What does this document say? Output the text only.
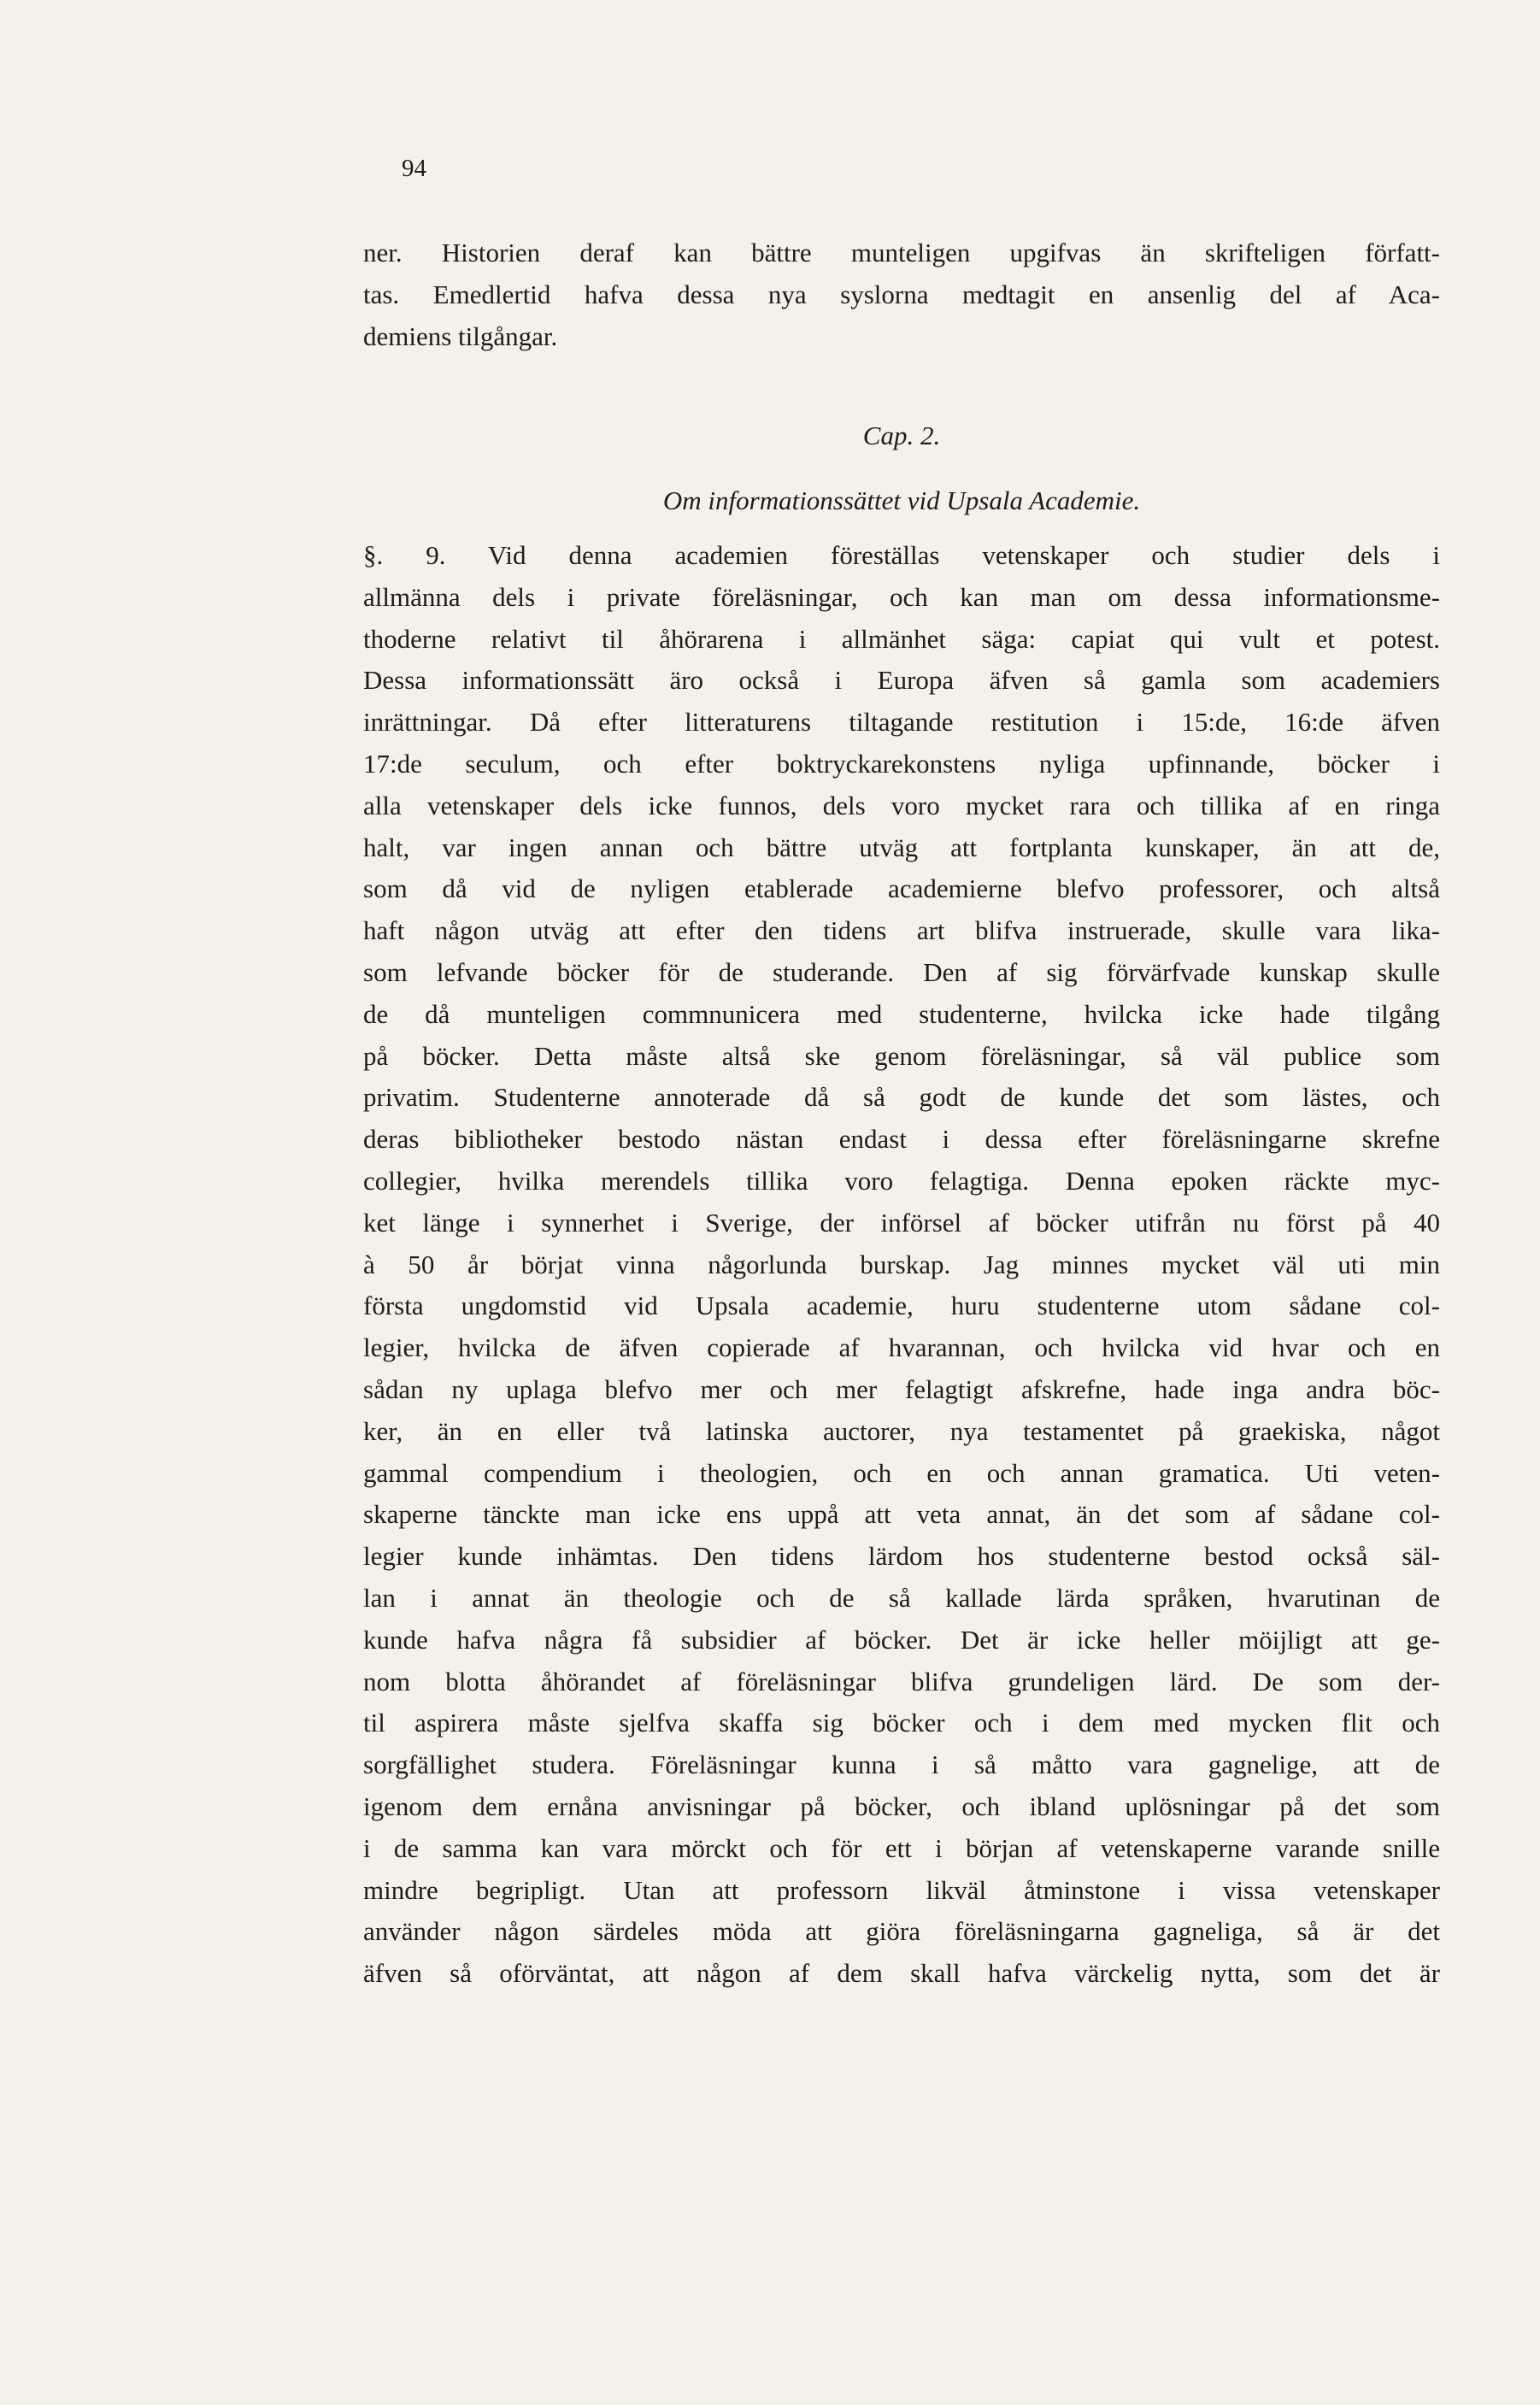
94
ner. Historien deraf kan bättre munteligen upgifvas än skrifteligen författ-
tas. Emedlertid hafva dessa nya syslorna medtagit en ansenlig del af Aca-
demiens tilgångar.
Cap. 2.
Om informationssättet vid Upsala Academie.
§. 9. Vid denna academien föreställas vetenskaper och studier dels i
allmänna dels i private föreläsningar, och kan man om dessa informationsme-
thoderne relativt til åhörarena i allmänhet säga: capiat qui vult et potest.
Dessa informationssätt äro också i Europa äfven så gamla som academiers
inrättningar. Då efter litteraturens tiltagande restitution i 15:de, 16:de äfven
17:de seculum, och efter boktryckarekonstens nyliga upfinnande, böcker i
alla vetenskaper dels icke funnos, dels voro mycket rara och tillika af en ringa
halt, var ingen annan och bättre utväg att fortplanta kunskaper, än att de,
som då vid de nyligen etablerade academierne blefvo professorer, och altså
haft någon utväg att efter den tidens art blifva instruerade, skulle vara lika-
som lefvande böcker för de studerande. Den af sig förvärfvade kunskap skulle
de då munteligen commnunicera med studenterne, hvilcka icke hade tilgång
på böcker. Detta måste altså ske genom föreläsningar, så väl publice som
privatim. Studenterne annoterade då så godt de kunde det som lästes, och
deras bibliotheker bestodo nästan endast i dessa efter föreläsningarne skrefne
collegier, hvilka merendels tillika voro felagtiga. Denna epoken räckte myc-
ket länge i synnerhet i Sverige, der införsel af böcker utifrån nu först på 40
à 50 år börjat vinna någorlunda burskap. Jag minnes mycket väl uti min
första ungdomstid vid Upsala academie, huru studenterne utom sådane col-
legier, hvilcka de äfven copierade af hvarannan, och hvilcka vid hvar och en
sådan ny uplaga blefvo mer och mer felagtigt afskrefne, hade inga andra böc-
ker, än en eller två latinska auctorer, nya testamentet på graekiska, något
gammal compendium i theologien, och en och annan gramatica. Uti veten-
skaperne tänckte man icke ens uppå att veta annat, än det som af sådane col-
legier kunde inhämtas. Den tidens lärdom hos studenterne bestod också säl-
lan i annat än theologie och de så kallade lärda språken, hvarutinan de
kunde hafva några få subsidier af böcker. Det är icke heller möijligt att ge-
nom blotta åhörandet af föreläsningar blifva grundeligen lärd. De som der-
til aspirera måste sjelfva skaffa sig böcker och i dem med mycken flit och
sorgfällighet studera. Föreläsningar kunna i så måtto vara gagnelige, att de
igenom dem ernåna anvisningar på böcker, och ibland uplösningar på det som
i de samma kan vara mörckt och för ett i början af vetenskaperne varande snille
mindre begripligt. Utan att professorn likväl åtminstone i vissa vetenskaper
använder någon särdeles möda att giöra föreläsningarna gagneliga, så är det
äfven så oförväntat, att någon af dem skall hafva värckelig nytta, som det är
